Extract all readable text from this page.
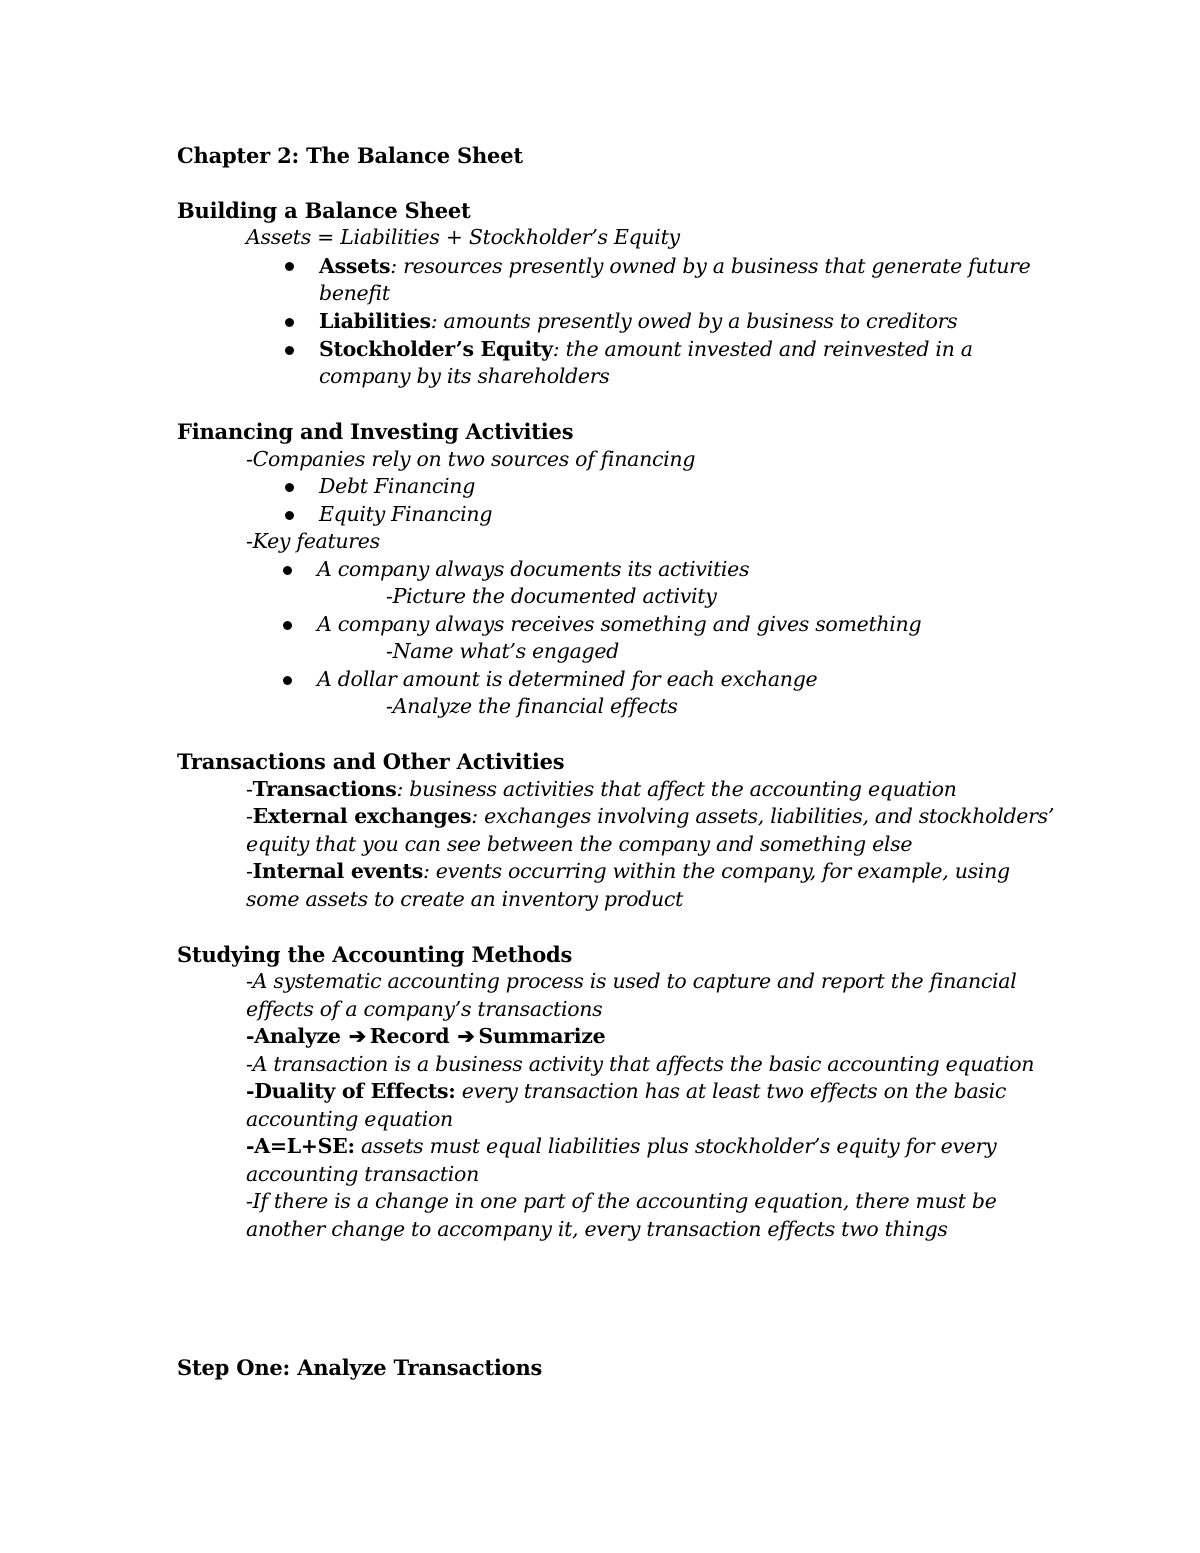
Chapter 2: The Balance Sheet
Building a Balance Sheet
Assets = Liabilities + Stockholder’s Equity
Assets: resources presently owned by a business that generate future
benefit
Liabilities: amounts presently owed by a business to creditors
Stockholder’s Equity: the amount invested and reinvested in a
company by its shareholders
Financing and Investing Activities
-Companies rely on two sources of financing
Debt Financing
Equity Financing
-Key features
A company always documents its activities
-Picture the documented activity
A company always receives something and gives something
-Name what’s engaged
A dollar amount is determined for each exchange
-Analyze the financial effects
Transactions and Other Activities
-Transactions: business activities that affect the accounting equation
-External exchanges: exchanges involving assets, liabilities, and stockholders’
equity that you can see between the company and something else
-Internal events: events occurring within the company, for example, using
some assets to create an inventory product
Studying the Accounting Methods
-A systematic accounting process is used to capture and report the financial
effects of a company’s transactions
-Analyze ➔ Record ➔ Summarize
-A transaction is a business activity that affects the basic accounting equation
-Duality of Effects: every transaction has at least two effects on the basic
accounting equation
-A=L+SE: assets must equal liabilities plus stockholder’s equity for every
accounting transaction
-If there is a change in one part of the accounting equation, there must be
another change to accompany it, every transaction effects two things
Step One: Analyze Transactions
